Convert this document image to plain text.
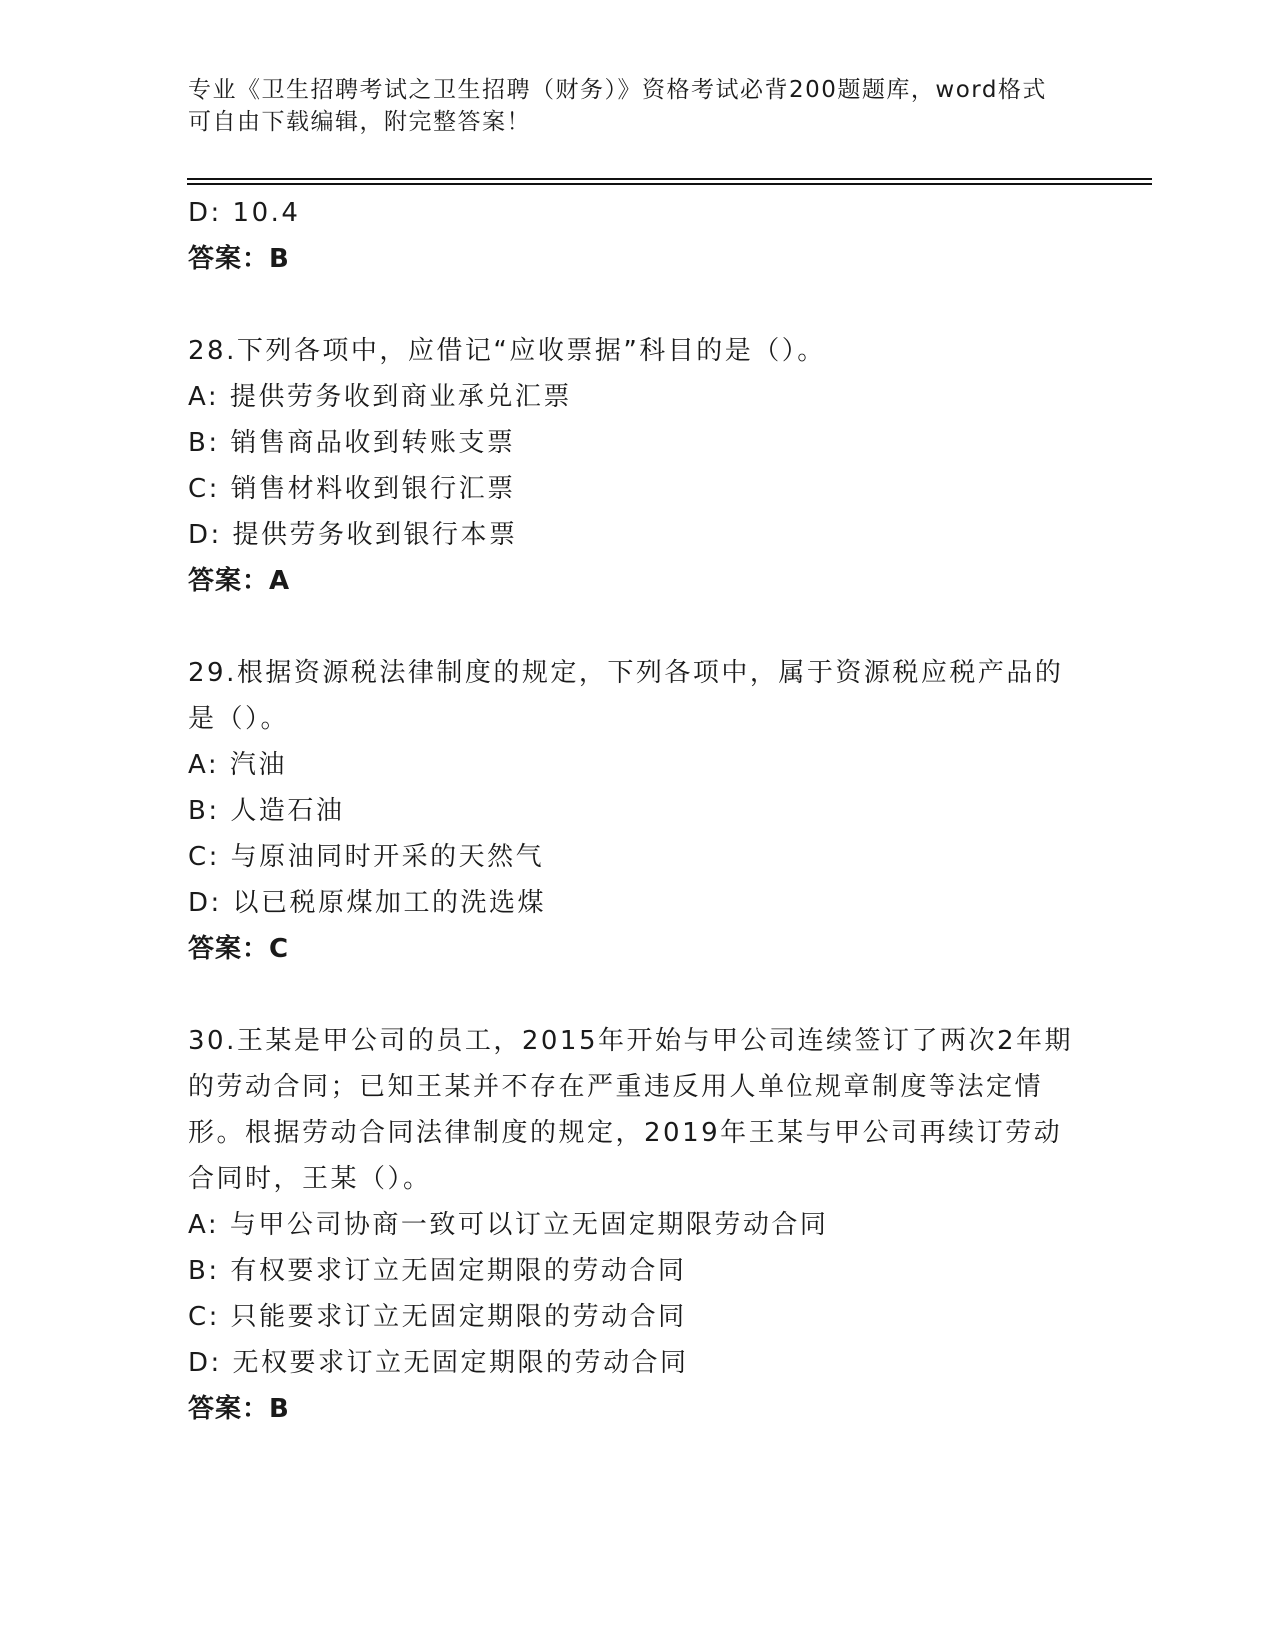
专业《卫生招聘考试之卫生招聘（财务）》资格考试必背200题题库，word格式
可自由下载编辑，附完整答案！
D: 10.4
答案：B
28.下列各项中，应借记“应收票据”科目的是（）。
A: 提供劳务收到商业承兑汇票
B: 销售商品收到转账支票
C: 销售材料收到银行汇票
D: 提供劳务收到银行本票
答案：A
29.根据资源税法律制度的规定，下列各项中，属于资源税应税产品的
是（）。
A: 汽油
B: 人造石油
C: 与原油同时开采的天然气
D: 以已税原煤加工的洗选煤
答案：C
30.王某是甲公司的员工，2015年开始与甲公司连续签订了两次2年期
的劳动合同；已知王某并不存在严重违反用人单位规章制度等法定情
形。根据劳动合同法律制度的规定，2019年王某与甲公司再续订劳动
合同时，王某（）。
A: 与甲公司协商一致可以订立无固定期限劳动合同
B: 有权要求订立无固定期限的劳动合同
C: 只能要求订立无固定期限的劳动合同
D: 无权要求订立无固定期限的劳动合同
答案：B
